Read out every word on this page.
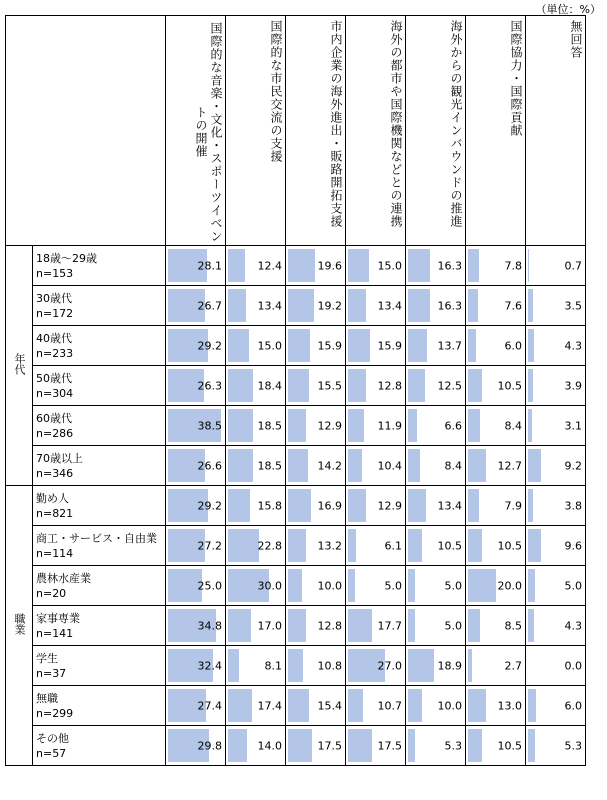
（単位：%）

		国際的な音楽・文化・スポーツイベントの開催	国際的な市民交流の支援	市内企業の海外進出・販路開拓支援	海外の都市や国際機関などとの連携	海外からの観光インバウンドの推進	国際協力・国際貢献	無回答

年代	18歳～29歳
n=153	28.1	12.4	19.6	15.0	16.3	7.8	0.7

	30歳代
n=172	26.7	13.4	19.2	13.4	16.3	7.6	3.5

	40歳代
n=233	29.2	15.0	15.9	15.9	13.7	6.0	4.3

	50歳代
n=304	26.3	18.4	15.5	12.8	12.5	10.5	3.9

	60歳代
n=286	38.5	18.5	12.9	11.9	6.6	8.4	3.1

	70歳以上
n=346	26.6	18.5	14.2	10.4	8.4	12.7	9.2

職業	勤め人
n=821	29.2	15.8	16.9	12.9	13.4	7.9	3.8

	商工・サービス・自由業
n=114	27.2	22.8	13.2	6.1	10.5	10.5	9.6

	農林水産業
n=20	25.0	30.0	10.0	5.0	5.0	20.0	5.0

	家事専業
n=141	34.8	17.0	12.8	17.7	5.0	8.5	4.3

	学生
n=37	32.4	8.1	10.8	27.0	18.9	2.7	0.0

	無職
n=299	27.4	17.4	15.4	10.7	10.0	13.0	6.0

	その他
n=57	29.8	14.0	17.5	17.5	5.3	10.5	5.3
